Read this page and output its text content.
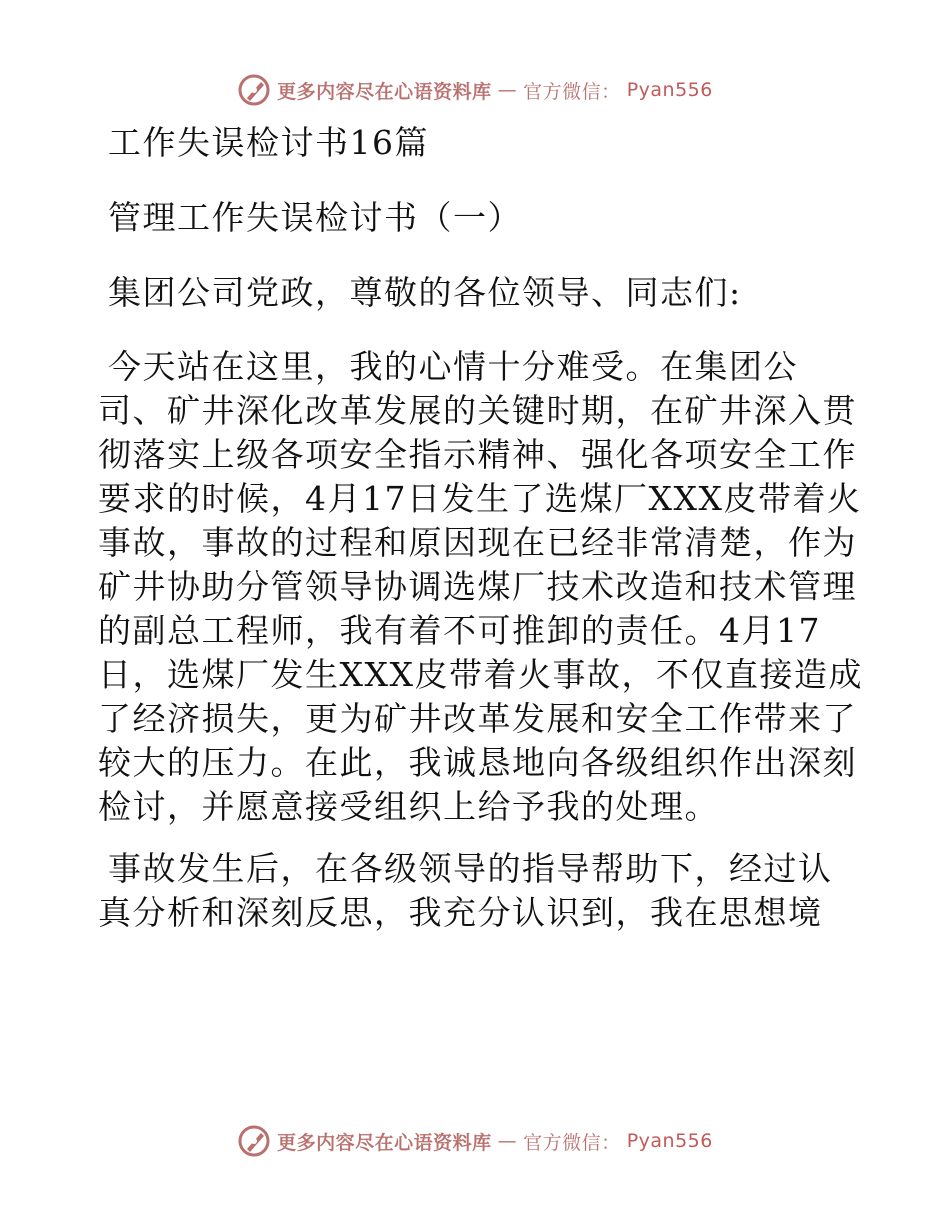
更多内容尽在心语资料库 — 官方微信： Pyan556
工作失误检讨书16篇
管理工作失误检讨书（一）
集团公司党政，尊敬的各位领导、同志们:
今天站在这里，我的心情十分难受。在集团公
司、矿井深化改革发展的关键时期，在矿井深入贯
彻落实上级各项安全指示精神、强化各项安全工作
要求的时候，4月17日发生了选煤厂XXX皮带着火
事故，事故的过程和原因现在已经非常清楚，作为
矿井协助分管领导协调选煤厂技术改造和技术管理
的副总工程师，我有着不可推卸的责任。4月17
日，选煤厂发生XXX皮带着火事故，不仅直接造成
了经济损失，更为矿井改革发展和安全工作带来了
较大的压力。在此，我诚恳地向各级组织作出深刻
检讨，并愿意接受组织上给予我的处理。
事故发生后，在各级领导的指导帮助下，经过认
真分析和深刻反思，我充分认识到，我在思想境
更多内容尽在心语资料库 — 官方微信： Pyan556
